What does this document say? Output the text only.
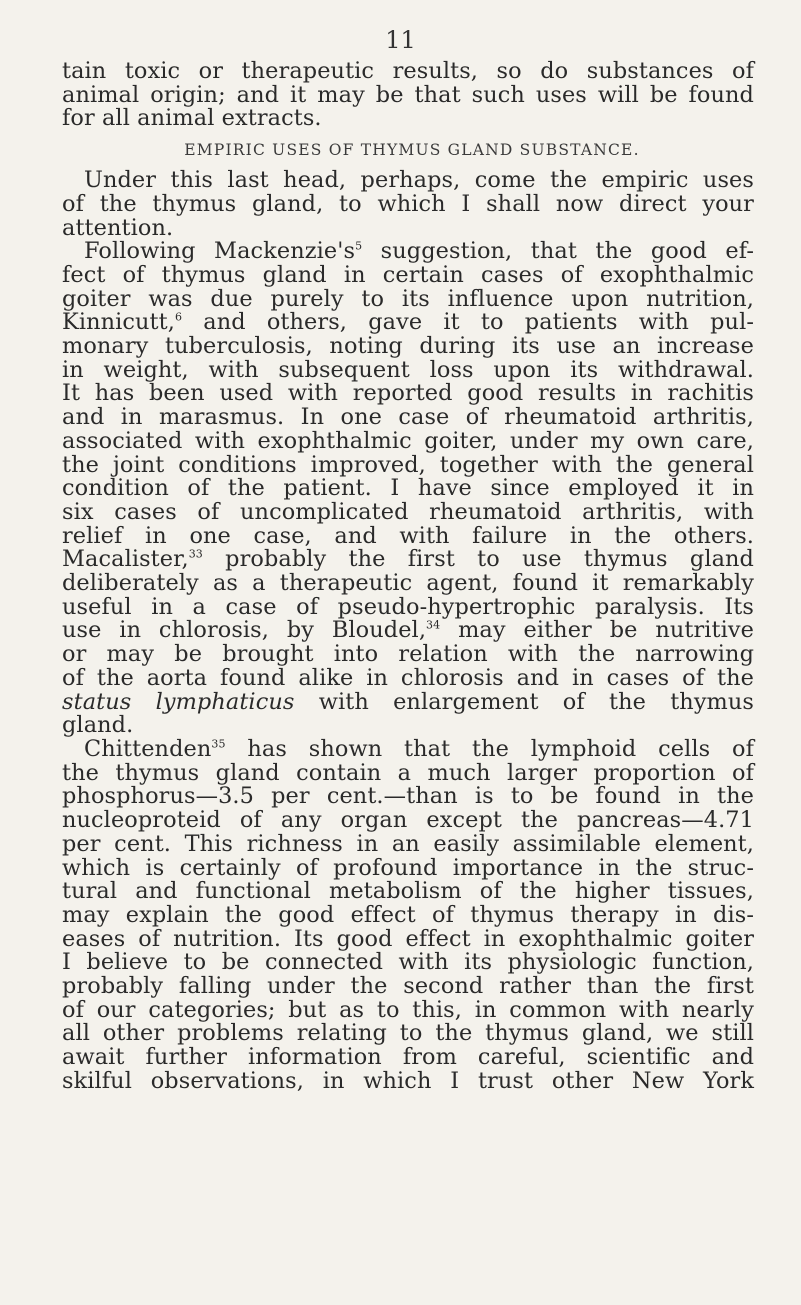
11
tain toxic or therapeutic results, so do substances of
animal origin; and it may be that such uses will be found
for all animal extracts.
EMPIRIC USES OF THYMUS GLAND SUBSTANCE.
Under this last head, perhaps, come the empiric uses
of the thymus gland, to which I shall now direct your
attention.
Following $Mackenzie's^5$ suggestion, that the good ef-
fect of thymus gland in certain cases of exophthalmic
goiter was due purely to its influence upon nutrition,
Kinnicutt,$^6$ and others, gave it to patients with pul-
monary tuberculosis, noting during its use an increase
in weight, with subsequent loss upon its withdrawal.
It has been used with reported good results in rachitis
and in marasmus. In one case of rheumatoid arthritis,
associated with exophthalmic goiter, under my own care,
the joint conditions improved, together with the general
condition of the patient. I have since employed it in
six cases of uncomplicated rheumatoid arthritis, with
relief in one case, and with failure in the others.
Macalister,$^{33}$ probably the first to use thymus gland
deliberately as a therapeutic agent, found it remarkably
useful in a case of pseudo-hypertrophic paralysis. Its
use in chlorosis, by Bloudel,$^{34}$ may either be nutritive
or may be brought into relation with the narrowing
of the aorta found alike in chlorosis and in cases of the
status lymphaticus with enlargement of the thymus
gland.
Chittenden$^{35}$ has shown that the lymphoid cells of
the thymus gland contain a much larger proportion of
phosphorus—3.5 per cent.—than is to be found in the
nucleoproteid of any organ except the pancreas—4.71
per cent. This richness in an easily assimilable element,
which is certainly of profound importance in the struc-
tural and functional metabolism of the higher tissues,
may explain the good effect of thymus therapy in dis-
eases of nutrition. Its good effect in exophthalmic goiter
I believe to be connected with its physiologic function,
probably falling under the second rather than the first
of our categories; but as to this, in common with nearly
all other problems relating to the thymus gland, we still
await further information from careful, scientific and
skilful observations, in which I trust other New York
